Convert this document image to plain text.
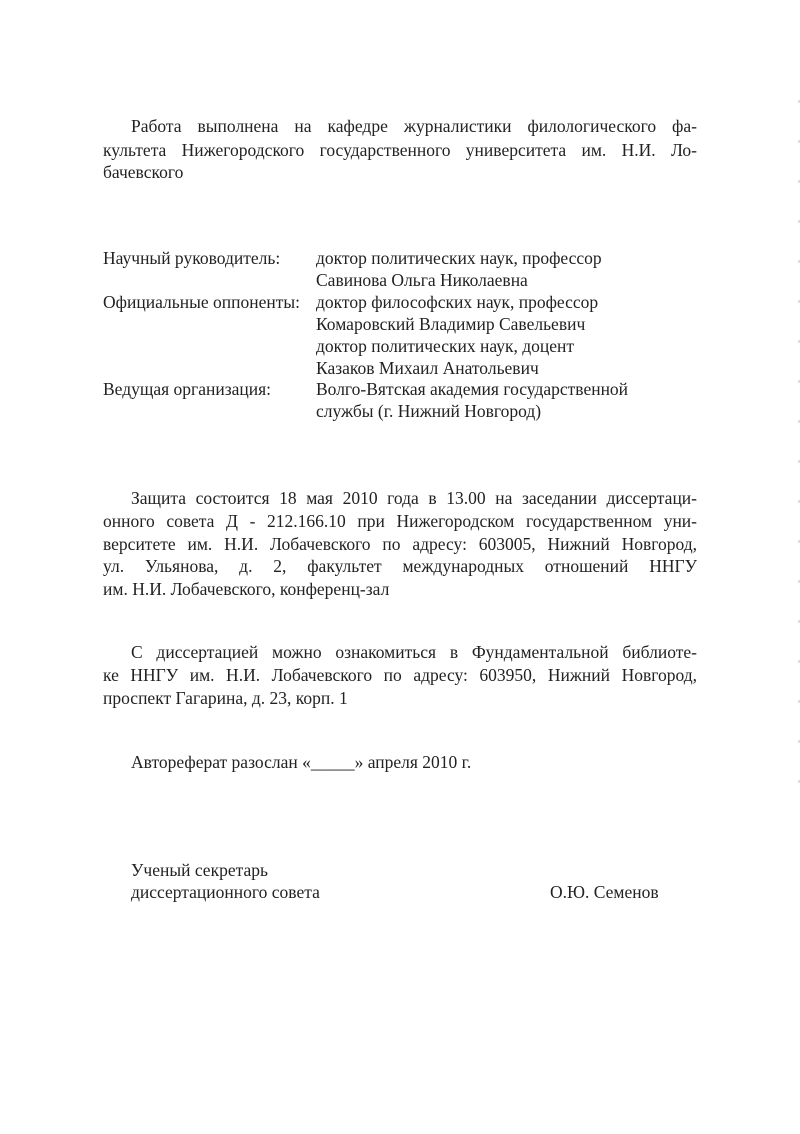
Работа выполнена на кафедре журналистики филологического фа-
культета Нижегородского государственного университета им. Н.И. Ло-
бачевского
Научный руководитель: доктор политических наук, профессор
Савинова Ольга Николаевна
Официальные оппоненты: доктор философских наук, профессор
Комаровский Владимир Савельевич
доктор политических наук, доцент
Казаков Михаил Анатольевич
Ведущая организация:	Волго-Вятская академия государственной
службы (г. Нижний Новгород)
Защита состоится 18 мая 2010 года в 13.00 на заседании диссертаци-
онного совета Д - 212.166.10 при Нижегородском государственном уни-
верситете им. Н.И. Лобачевского по адресу: 603005, Нижний Новгород,
ул. Ульянова, д. 2, факультет международных отношений ННГУ
им. Н.И. Лобачевского, конференц-зал
С диссертацией можно ознакомиться в Фундаментальной библиоте-
ке ННГУ им. Н.И. Лобачевского по адресу: 603950, Нижний Новгород,
проспект Гагарина, д. 23, корп. 1
Автореферат разослан «_____» апреля 2010 г.
Ученый секретарь
диссертационного совета	О.Ю. Семенов
